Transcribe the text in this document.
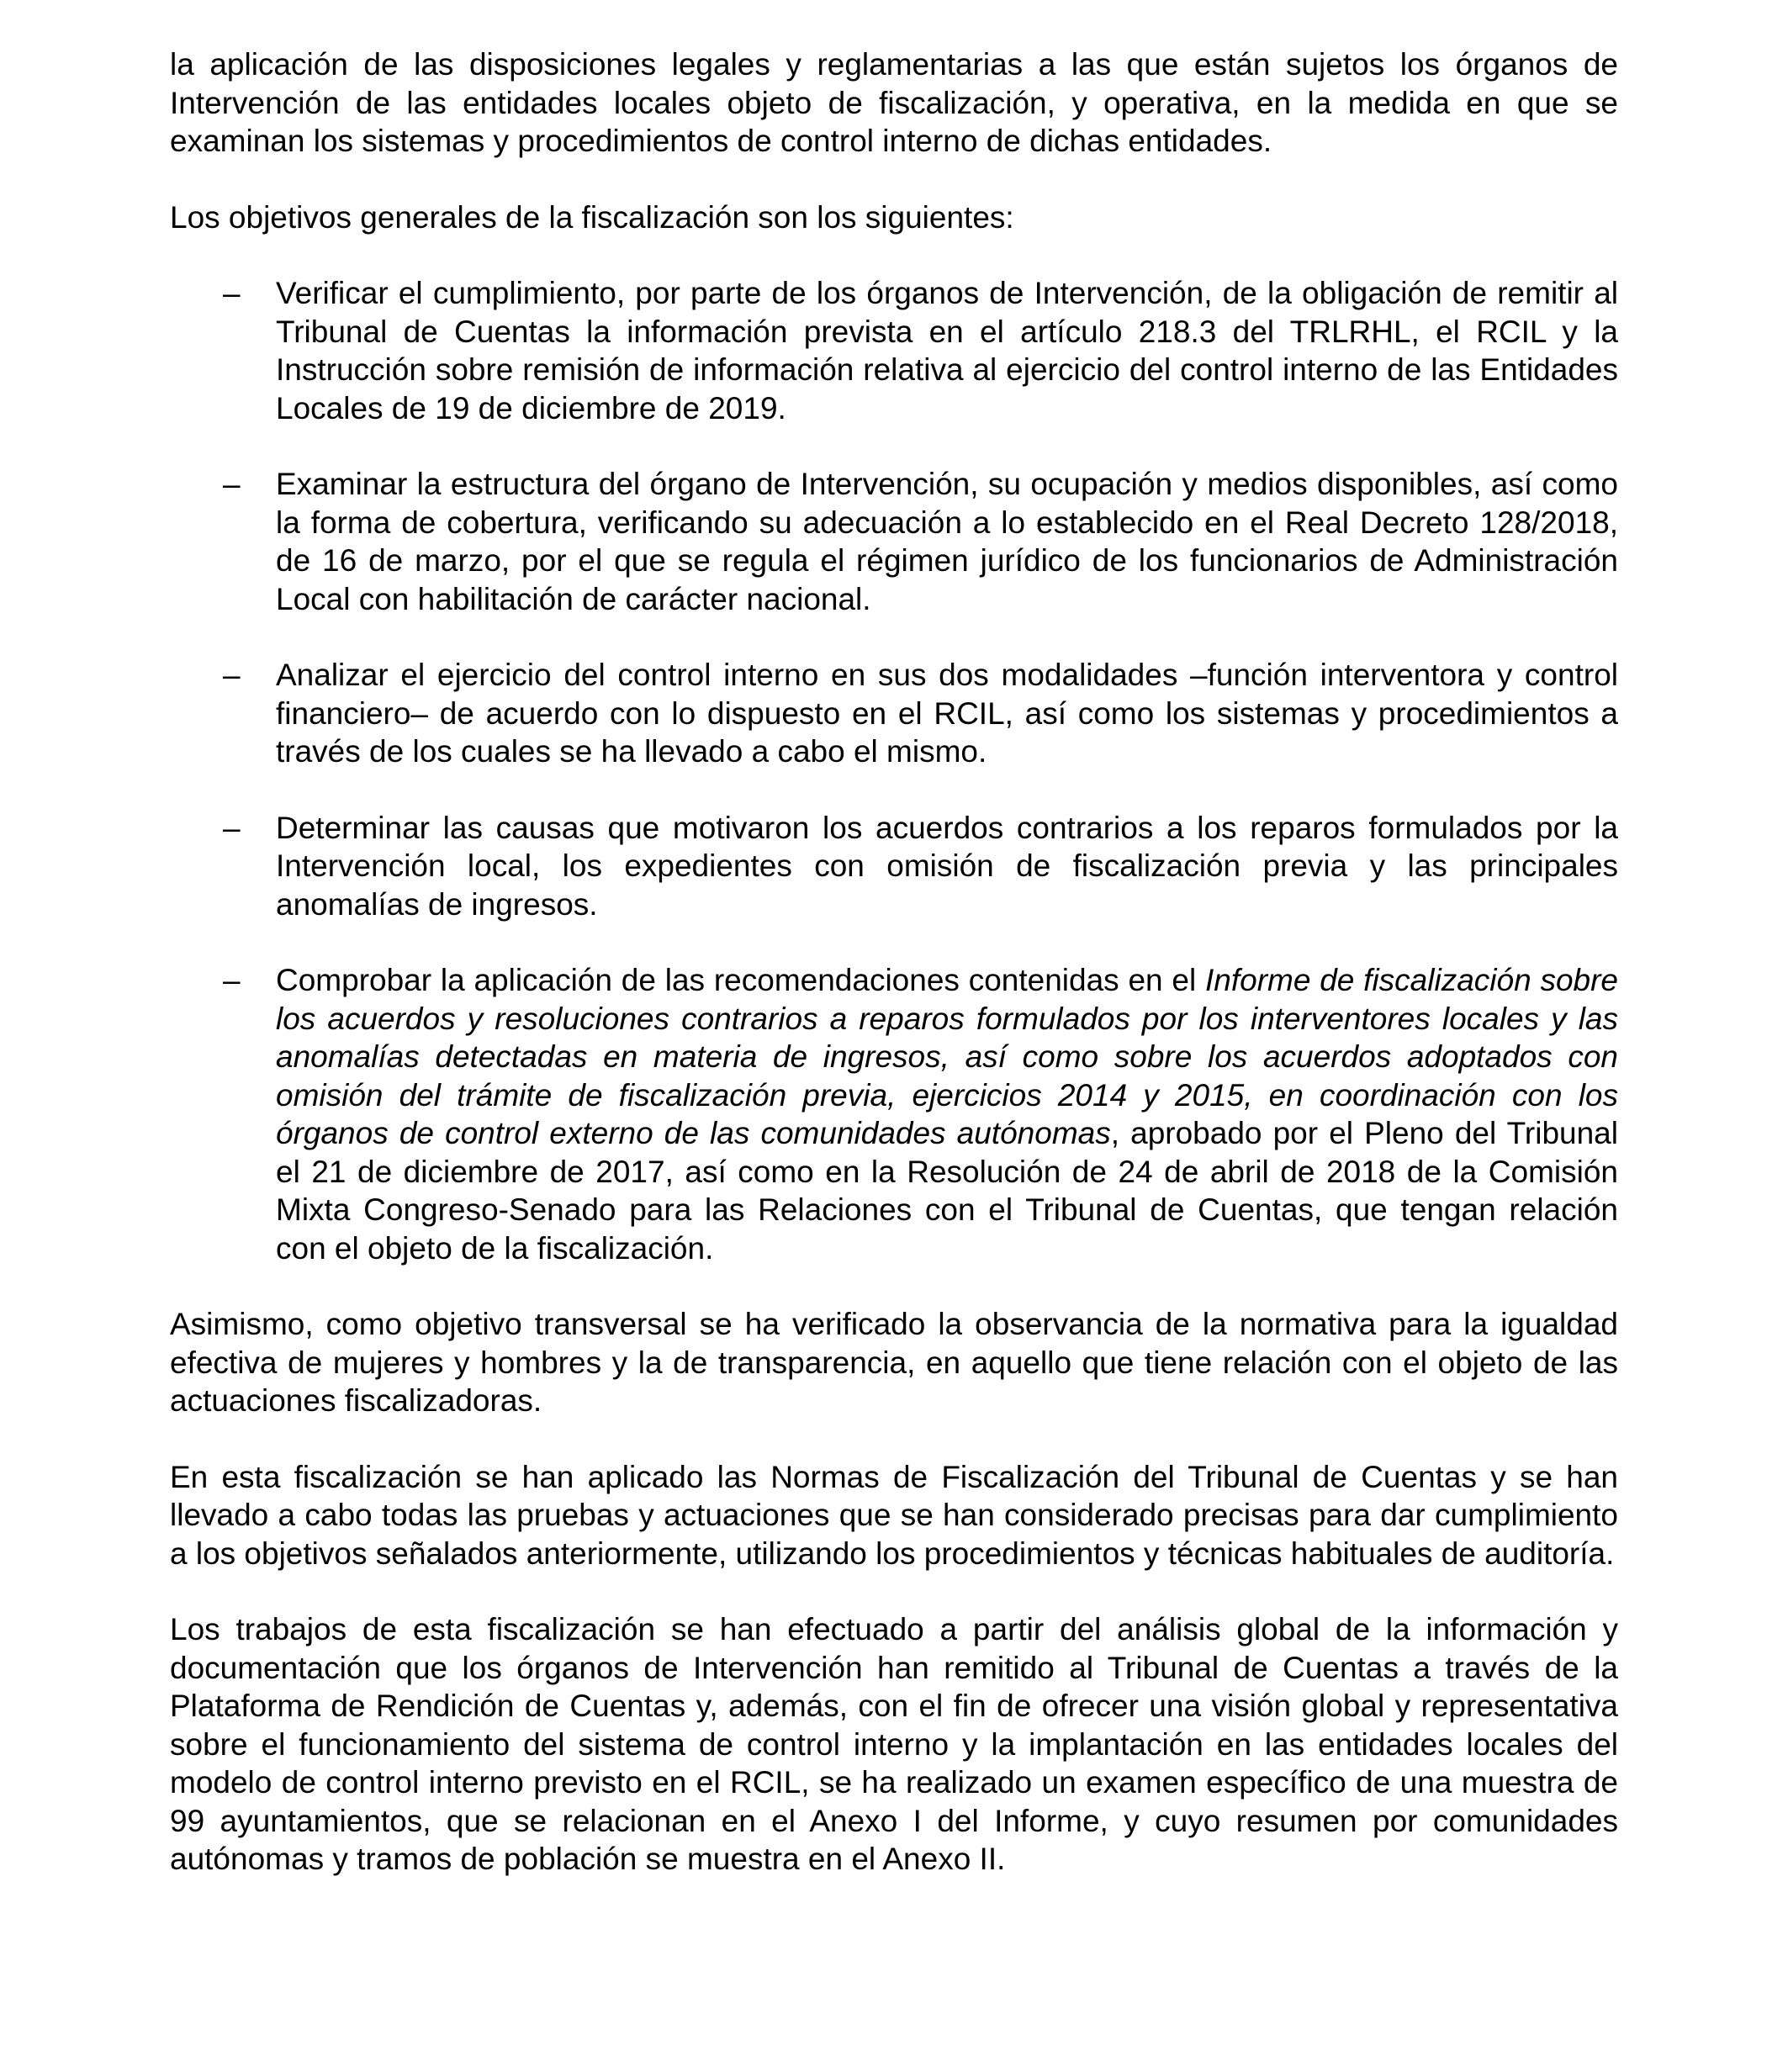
la aplicación de las disposiciones legales y reglamentarias a las que están sujetos los órganos de Intervención de las entidades locales objeto de fiscalización, y operativa, en la medida en que se examinan los sistemas y procedimientos de control interno de dichas entidades.

Los objetivos generales de la fiscalización son los siguientes:

– Verificar el cumplimiento, por parte de los órganos de Intervención, de la obligación de remitir al Tribunal de Cuentas la información prevista en el artículo 218.3 del TRLRHL, el RCIL y la Instrucción sobre remisión de información relativa al ejercicio del control interno de las Entidades Locales de 19 de diciembre de 2019.
– Examinar la estructura del órgano de Intervención, su ocupación y medios disponibles, así como la forma de cobertura, verificando su adecuación a lo establecido en el Real Decreto 128/2018, de 16 de marzo, por el que se regula el régimen jurídico de los funcionarios de Administración Local con habilitación de carácter nacional.
– Analizar el ejercicio del control interno en sus dos modalidades –función interventora y control financiero– de acuerdo con lo dispuesto en el RCIL, así como los sistemas y procedimientos a través de los cuales se ha llevado a cabo el mismo.
– Determinar las causas que motivaron los acuerdos contrarios a los reparos formulados por la Intervención local, los expedientes con omisión de fiscalización previa y las principales anomalías de ingresos.
– Comprobar la aplicación de las recomendaciones contenidas en el Informe de fiscalización sobre los acuerdos y resoluciones contrarios a reparos formulados por los interventores locales y las anomalías detectadas en materia de ingresos, así como sobre los acuerdos adoptados con omisión del trámite de fiscalización previa, ejercicios 2014 y 2015, en coordinación con los órganos de control externo de las comunidades autónomas, aprobado por el Pleno del Tribunal el 21 de diciembre de 2017, así como en la Resolución de 24 de abril de 2018 de la Comisión Mixta Congreso-Senado para las Relaciones con el Tribunal de Cuentas, que tengan relación con el objeto de la fiscalización.

Asimismo, como objetivo transversal se ha verificado la observancia de la normativa para la igualdad efectiva de mujeres y hombres y la de transparencia, en aquello que tiene relación con el objeto de las actuaciones fiscalizadoras.

En esta fiscalización se han aplicado las Normas de Fiscalización del Tribunal de Cuentas y se han llevado a cabo todas las pruebas y actuaciones que se han considerado precisas para dar cumplimiento a los objetivos señalados anteriormente, utilizando los procedimientos y técnicas habituales de auditoría.

Los trabajos de esta fiscalización se han efectuado a partir del análisis global de la información y documentación que los órganos de Intervención han remitido al Tribunal de Cuentas a través de la Plataforma de Rendición de Cuentas y, además, con el fin de ofrecer una visión global y representativa sobre el funcionamiento del sistema de control interno y la implantación en las entidades locales del modelo de control interno previsto en el RCIL, se ha realizado un examen específico de una muestra de 99 ayuntamientos, que se relacionan en el Anexo I del Informe, y cuyo resumen por comunidades autónomas y tramos de población se muestra en el Anexo II.
